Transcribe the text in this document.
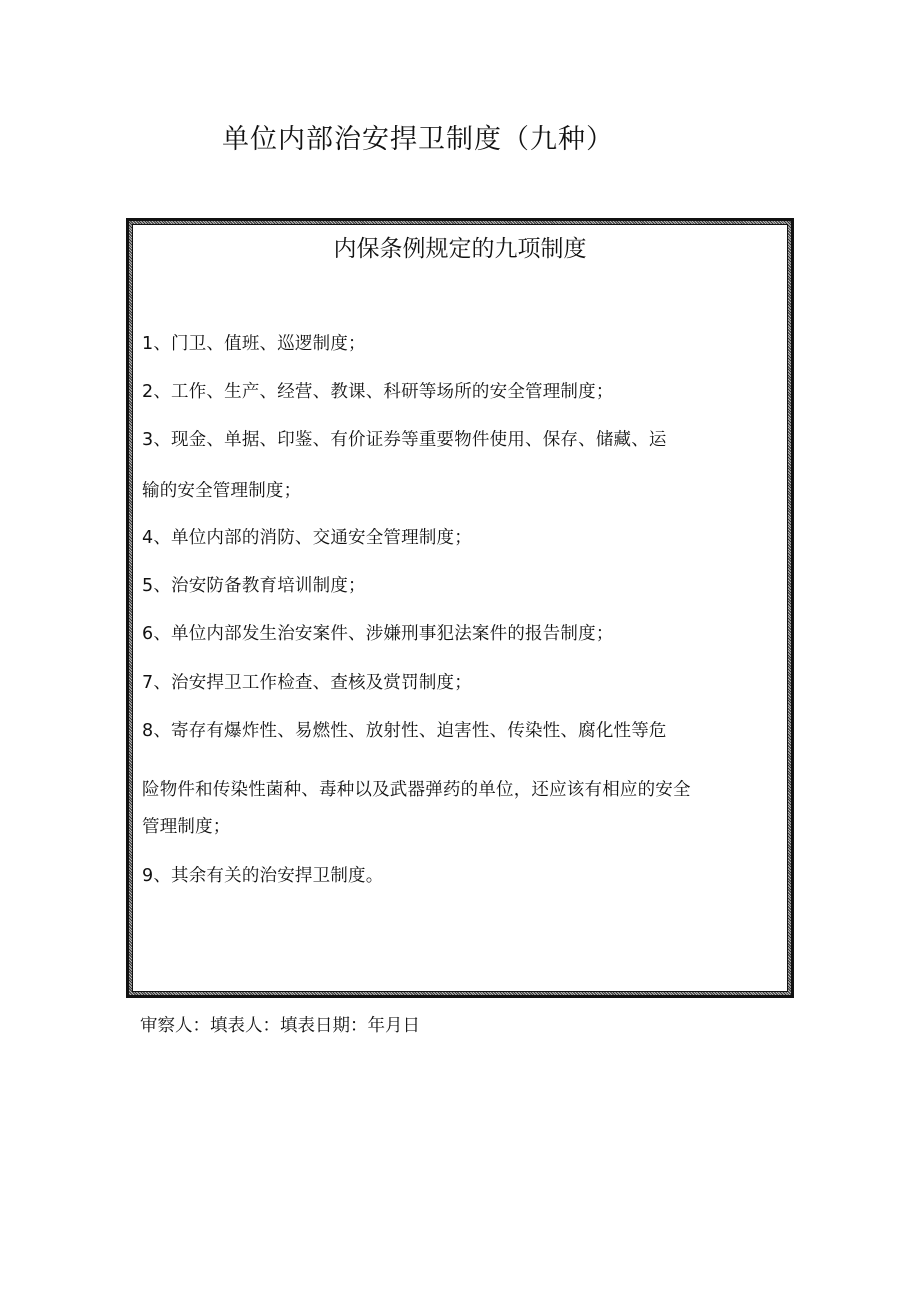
单位内部治安捍卫制度（九种）
内保条例规定的九项制度
1、门卫、值班、巡逻制度；
2、工作、生产、经营、教课、科研等场所的安全管理制度；
3、现金、单据、印鉴、有价证券等重要物件使用、保存、储藏、运
输的安全管理制度；
4、单位内部的消防、交通安全管理制度；
5、治安防备教育培训制度；
6、单位内部发生治安案件、涉嫌刑事犯法案件的报告制度；
7、治安捍卫工作检查、查核及赏罚制度；
8、寄存有爆炸性、易燃性、放射性、迫害性、传染性、腐化性等危
险物件和传染性菌种、毒种以及武器弹药的单位，还应该有相应的安全
管理制度；
9、其余有关的治安捍卫制度。
审察人：填表人：填表日期：年月日
